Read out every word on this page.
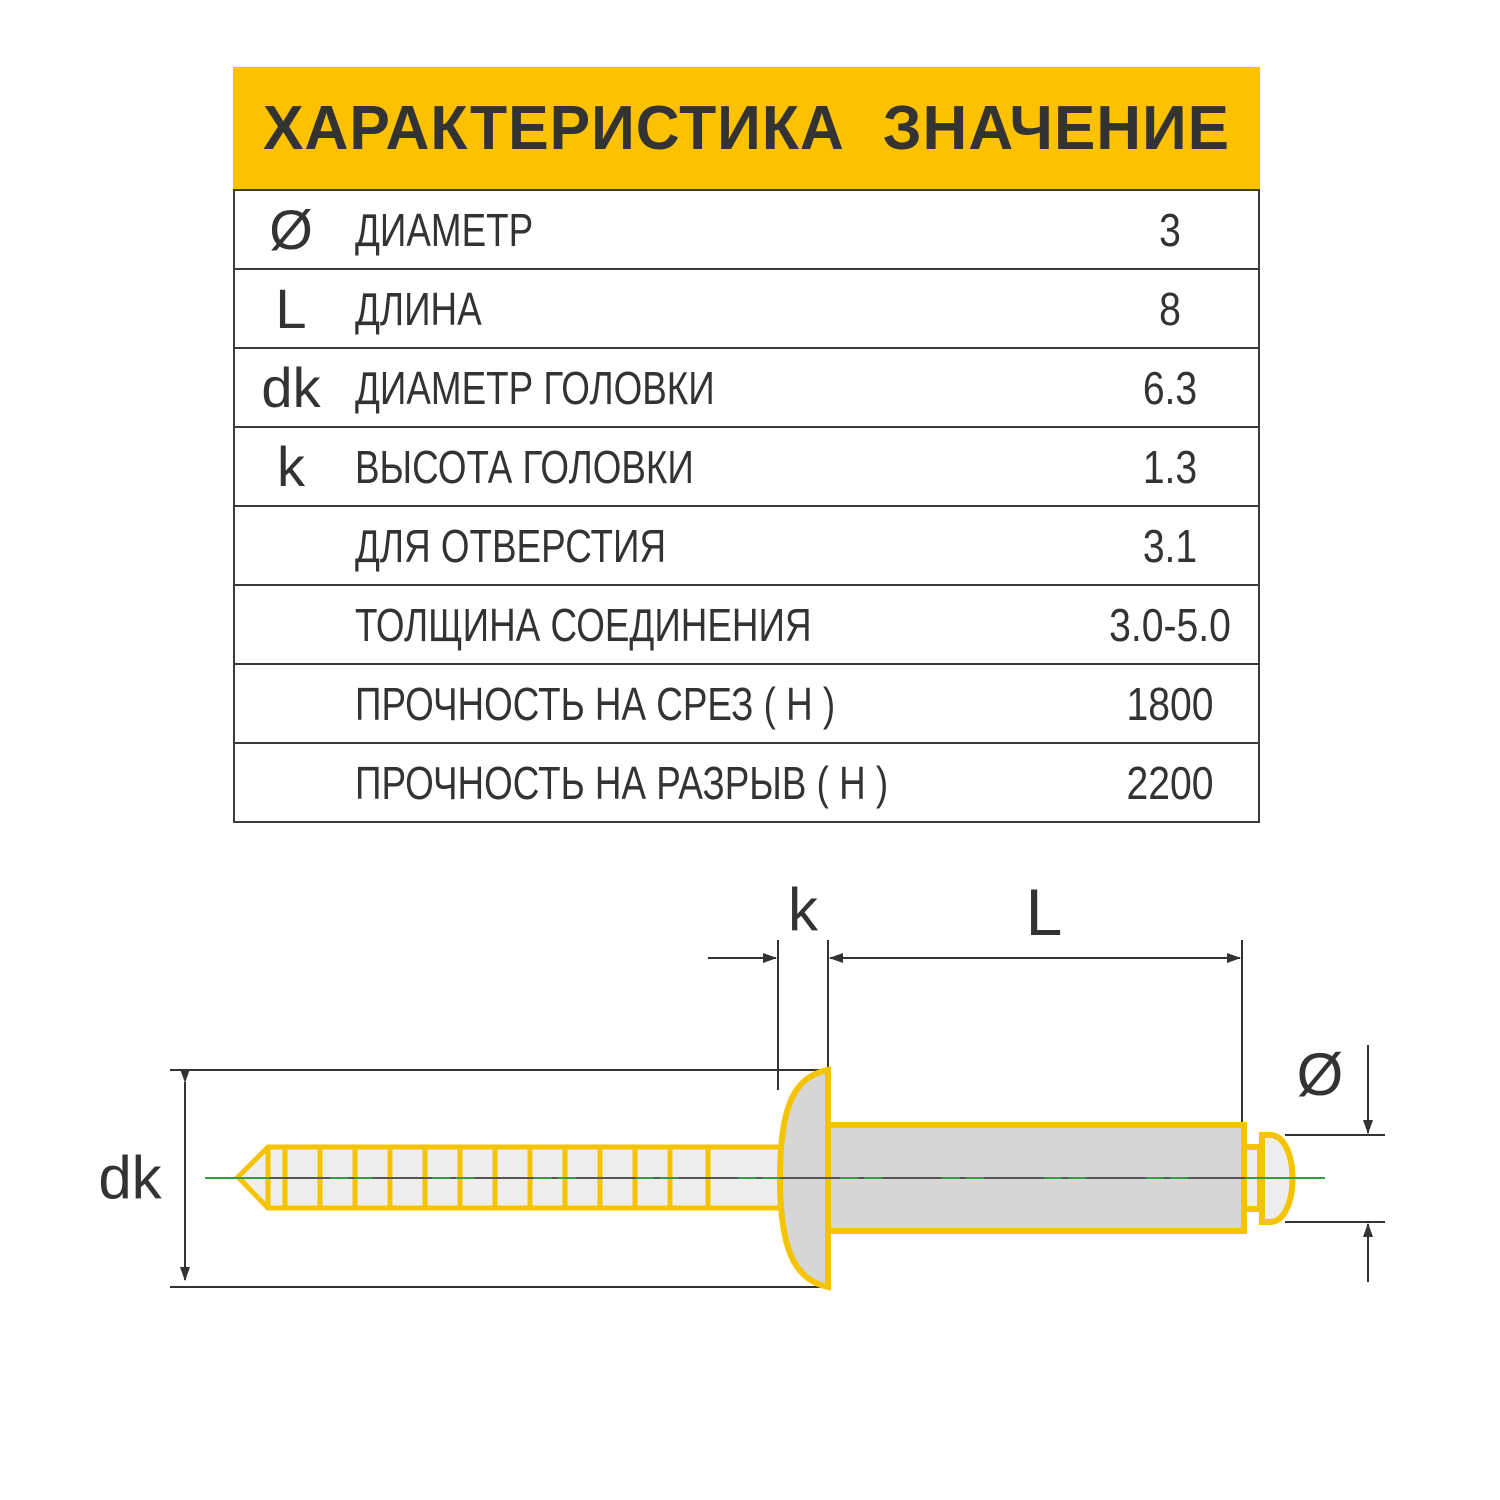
ХАРАКТЕРИСТИКА ЗНАЧЕНИЕ
Ø ДИАМЕТР	3
L	ДЛИНА	8
dk ДИАМЕТР ГОЛОВКИ	6.3
k	ВЫСОТА ГОЛОВКИ	1.3
ДЛЯ ОТВЕРСТИЯ	3.1
ТОЛЩИНА СОЕДИНЕНИЯ	3.0-5.0
ПРОЧНОСТЬ НА СРЕЗ ( Н )	1800
ПРОЧНОСТЬ НА РАЗРЫВ ( Н )	2200
k	L
dk
Ø
